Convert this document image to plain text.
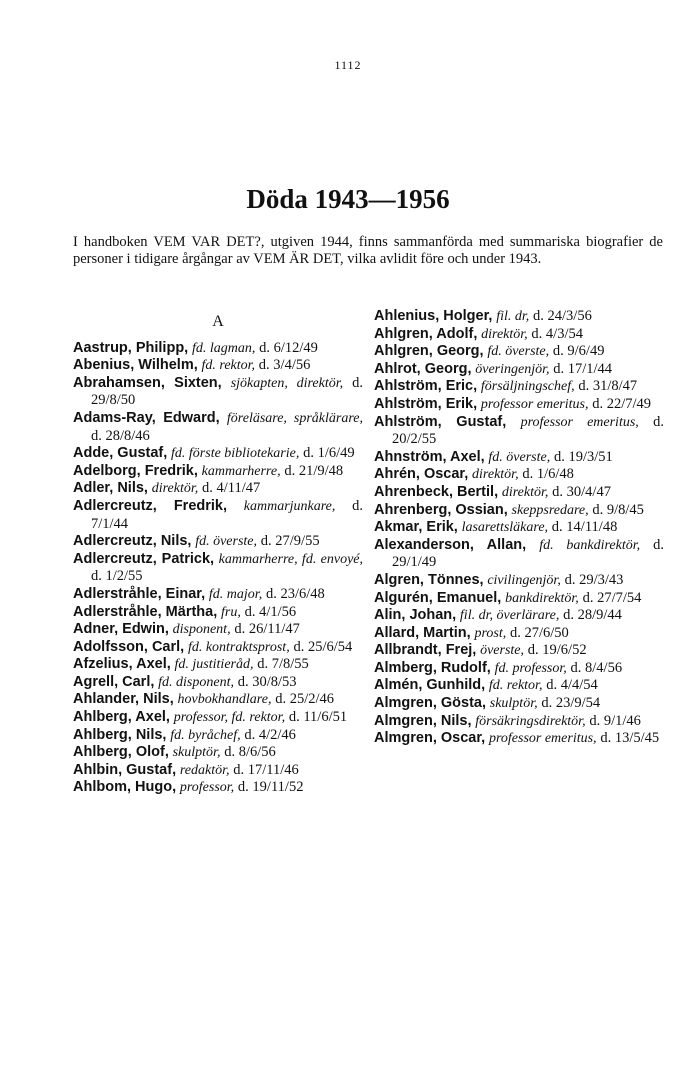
1112
Döda 1943—1956

I handboken VEM VAR DET?, utgiven 1944, finns sammanförda med summariska biografier de personer i tidigare årgångar av VEM ÄR DET, vilka avlidit före och under 1943.

A

Aastrup, Philipp, fd. lagman, d. 6/12/49

Abenius, Wilhelm, fd. rektor, d. 3/4/56

Abrahamsen, Sixten, sjökapten, direktör, d. 29/8/50

Adams-Ray, Edward, föreläsare, språklärare, d. 28/8/46

Adde, Gustaf, fd. förste bibliotekarie, d. 1/6/49

Adelborg, Fredrik, kammarherre, d. 21/9/48

Adler, Nils, direktör, d. 4/11/47

Adlercreutz, Fredrik, kammarjunkare, d. 7/1/44

Adlercreutz, Nils, fd. överste, d. 27/9/55

Adlercreutz, Patrick, kammarherre, fd. envoyé, d. 1/2/55

Adlerstråhle, Einar, fd. major, d. 23/6/48

Adlerstråhle, Märtha, fru, d. 4/1/56

Adner, Edwin, disponent, d. 26/11/47

Adolfsson, Carl, fd. kontraktsprost, d. 25/6/54

Afzelius, Axel, fd. justitieråd, d. 7/8/55

Agrell, Carl, fd. disponent, d. 30/8/53

Ahlander, Nils, hovbokhandlare, d. 25/2/46

Ahlberg, Axel, professor, fd. rektor, d. 11/6/51

Ahlberg, Nils, fd. byråchef, d. 4/2/46

Ahlberg, Olof, skulptör, d. 8/6/56

Ahlbin, Gustaf, redaktör, d. 17/11/46

Ahlbom, Hugo, professor, d. 19/11/52

Ahlenius, Holger, fil. dr, d. 24/3/56

Ahlgren, Adolf, direktör, d. 4/3/54

Ahlgren, Georg, fd. överste, d. 9/6/49

Ahlrot, Georg, överingenjör, d. 17/1/44

Ahlström, Eric, försäljningschef, d. 31/8/47

Ahlström, Erik, professor emeritus, d. 22/7/49

Ahlström, Gustaf, professor emeritus, d. 20/2/55

Ahnström, Axel, fd. överste, d. 19/3/51

Ahrén, Oscar, direktör, d. 1/6/48

Ahrenbeck, Bertil, direktör, d. 30/4/47

Ahrenberg, Ossian, skeppsredare, d. 9/8/45

Akmar, Erik, lasarettsläkare, d. 14/11/48

Alexanderson, Allan, fd. bankdirektör, d. 29/1/49

Algren, Tönnes, civilingenjör, d. 29/3/43

Algurén, Emanuel, bankdirektör, d. 27/7/54

Alin, Johan, fil. dr, överlärare, d. 28/9/44

Allard, Martin, prost, d. 27/6/50

Allbrandt, Frej, överste, d. 19/6/52

Almberg, Rudolf, fd. professor, d. 8/4/56

Almén, Gunhild, fd. rektor, d. 4/4/54

Almgren, Gösta, skulptör, d. 23/9/54

Almgren, Nils, försäkringsdirektör, d. 9/1/46

Almgren, Oscar, professor emeritus, d. 13/5/45
